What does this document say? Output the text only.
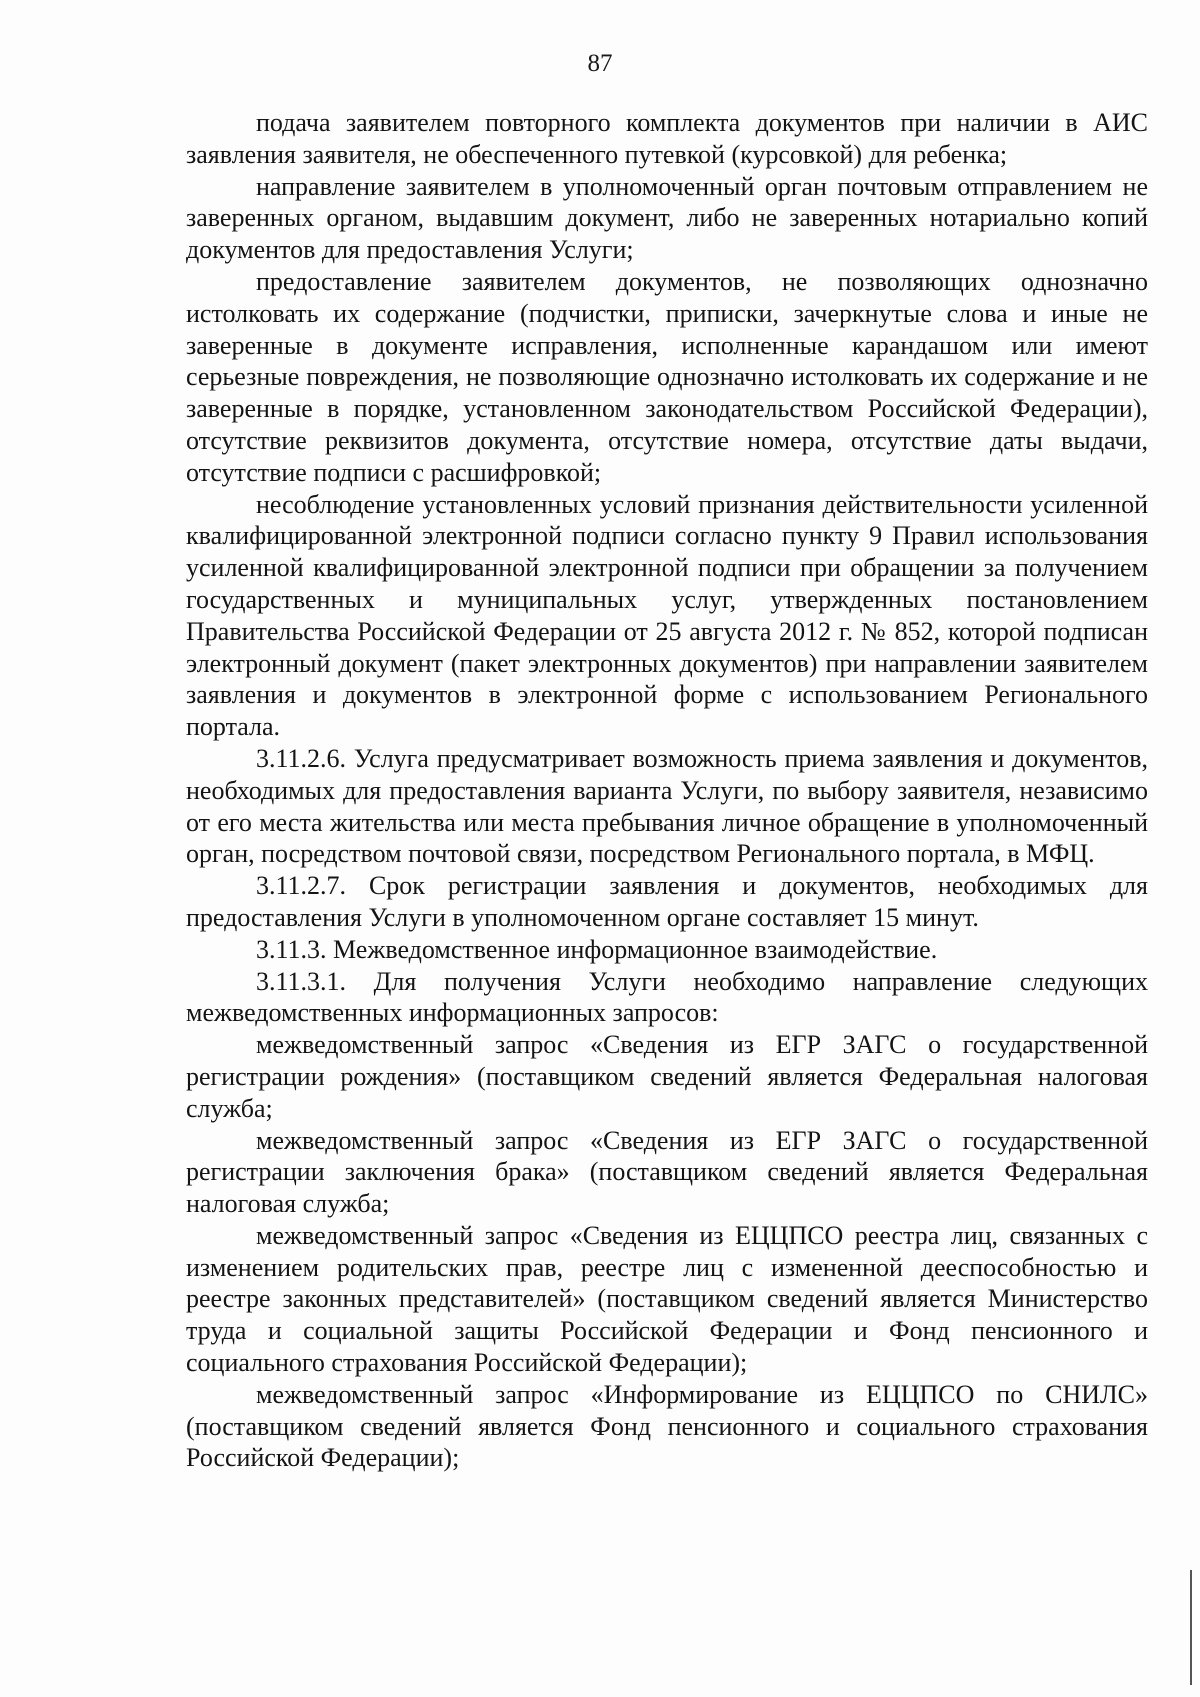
87

подача заявителем повторного комплекта документов при наличии в АИС заявления заявителя, не обеспеченного путевкой (курсовкой) для ребенка;

направление заявителем в уполномоченный орган почтовым отправлением не заверенных органом, выдавшим документ, либо не заверенных нотариально копий документов для предоставления Услуги;

предоставление заявителем документов, не позволяющих однозначно истолковать их содержание (подчистки, приписки, зачеркнутые слова и иные не заверенные в документе исправления, исполненные карандашом или имеют серьезные повреждения, не позволяющие однозначно истолковать их содержание и не заверенные в порядке, установленном законодательством Российской Федерации), отсутствие реквизитов документа, отсутствие номера, отсутствие даты выдачи, отсутствие подписи с расшифровкой;

несоблюдение установленных условий признания действительности усиленной квалифицированной электронной подписи согласно пункту 9 Правил использования усиленной квалифицированной электронной подписи при обращении за получением государственных и муниципальных услуг, утвержденных постановлением Правительства Российской Федерации от 25 августа 2012 г. № 852, которой подписан электронный документ (пакет электронных документов) при направлении заявителем заявления и документов в электронной форме с использованием Регионального портала.

3.11.2.6. Услуга предусматривает возможность приема заявления и документов, необходимых для предоставления варианта Услуги, по выбору заявителя, независимо от его места жительства или места пребывания личное обращение в уполномоченный орган, посредством почтовой связи, посредством Регионального портала, в МФЦ.

3.11.2.7. Срок регистрации заявления и документов, необходимых для предоставления Услуги в уполномоченном органе составляет 15 минут.

3.11.3. Межведомственное информационное взаимодействие.

3.11.3.1. Для получения Услуги необходимо направление следующих межведомственных информационных запросов:

межведомственный запрос «Сведения из ЕГР ЗАГС о государственной регистрации рождения» (поставщиком сведений является Федеральная налоговая служба;

межведомственный запрос «Сведения из ЕГР ЗАГС о государственной регистрации заключения брака» (поставщиком сведений является Федеральная налоговая служба;

межведомственный запрос «Сведения из ЕЦЦПСО реестра лиц, связанных с изменением родительских прав, реестре лиц с измененной дееспособностью и реестре законных представителей» (поставщиком сведений является Министерство труда и социальной защиты Российской Федерации и Фонд пенсионного и социального страхования Российской Федерации);

межведомственный запрос «Информирование из ЕЦЦПСО по СНИЛС» (поставщиком сведений является Фонд пенсионного и социального страхования Российской Федерации);
